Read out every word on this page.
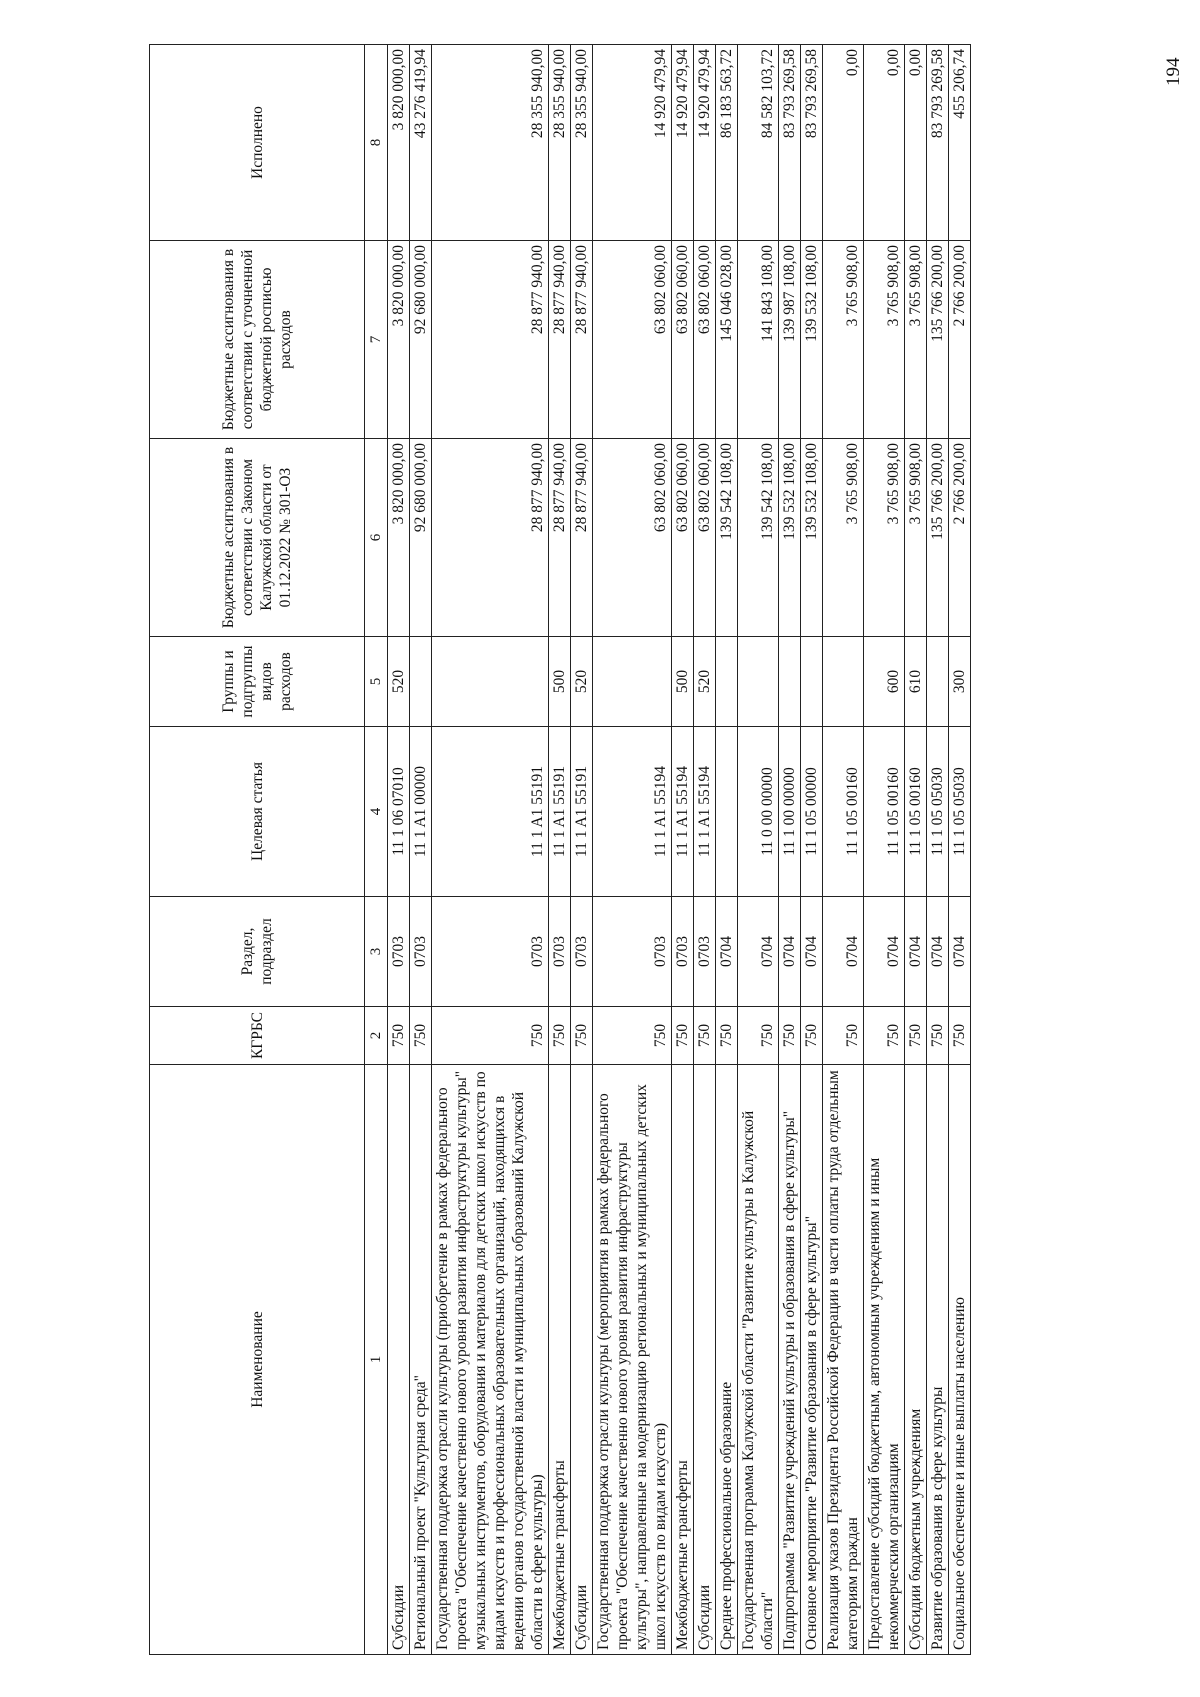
194
Наименование	КГРБС	Раздел, подраздел	Целевая статья	Группы и подгруппы видов расходов	Бюджетные ассигнования в соответствии с Законом Калужской области от 01.12.2022 № 301-ОЗ	Бюджетные ассигнования в соответствии с уточненной бюджетной росписью расходов	Исполнено
1	2	3	4	5	6	7	8
Субсидии	750	0703	11 1 06 07010	520	3 820 000,00	3 820 000,00	3 820 000,00
Региональный проект "Культурная среда"	750	0703	11 1 A1 00000		92 680 000,00	92 680 000,00	43 276 419,94
Государственная поддержка отрасли культуры (приобретение в рамках федерального проекта "Обеспечение качественно нового уровня развития инфраструктуры культуры" музыкальных инструментов, оборудования и материалов для детских школ искусств по видам искусств и профессиональных образовательных организаций, находящихся в ведении органов государственной власти и муниципальных образований Калужской области в сфере культуры)	750	0703	11 1 A1 55191		28 877 940,00	28 877 940,00	28 355 940,00
Межбюджетные трансферты	750	0703	11 1 A1 55191	500	28 877 940,00	28 877 940,00	28 355 940,00
Субсидии	750	0703	11 1 A1 55191	520	28 877 940,00	28 877 940,00	28 355 940,00
Государственная поддержка отрасли культуры (мероприятия в рамках федерального проекта "Обеспечение качественно нового уровня развития инфраструктуры культуры", направленные на модернизацию региональных и муниципальных детских школ искусств по видам искусств)	750	0703	11 1 A1 55194		63 802 060,00	63 802 060,00	14 920 479,94
Межбюджетные трансферты	750	0703	11 1 A1 55194	500	63 802 060,00	63 802 060,00	14 920 479,94
Субсидии	750	0703	11 1 A1 55194	520	63 802 060,00	63 802 060,00	14 920 479,94
Среднее профессиональное образование	750	0704			139 542 108,00	145 046 028,00	86 183 563,72
Государственная программа Калужской области "Развитие культуры в Калужской области"	750	0704	11 0 00 00000		139 542 108,00	141 843 108,00	84 582 103,72
Подпрограмма "Развитие учреждений культуры и образования в сфере культуры"	750	0704	11 1 00 00000		139 532 108,00	139 987 108,00	83 793 269,58
Основное мероприятие "Развитие образования в сфере культуры"	750	0704	11 1 05 00000		139 532 108,00	139 532 108,00	83 793 269,58
Реализация указов Президента Российской Федерации в части оплаты труда отдельным категориям граждан	750	0704	11 1 05 00160		3 765 908,00	3 765 908,00	0,00
Предоставление субсидий бюджетным, автономным учреждениям и иным некоммерческим организациям	750	0704	11 1 05 00160	600	3 765 908,00	3 765 908,00	0,00
Субсидии бюджетным учреждениям	750	0704	11 1 05 00160	610	3 765 908,00	3 765 908,00	0,00
Развитие образования в сфере культуры	750	0704	11 1 05 05030		135 766 200,00	135 766 200,00	83 793 269,58
Социальное обеспечение и иные выплаты населению	750	0704	11 1 05 05030	300	2 766 200,00	2 766 200,00	455 206,74
